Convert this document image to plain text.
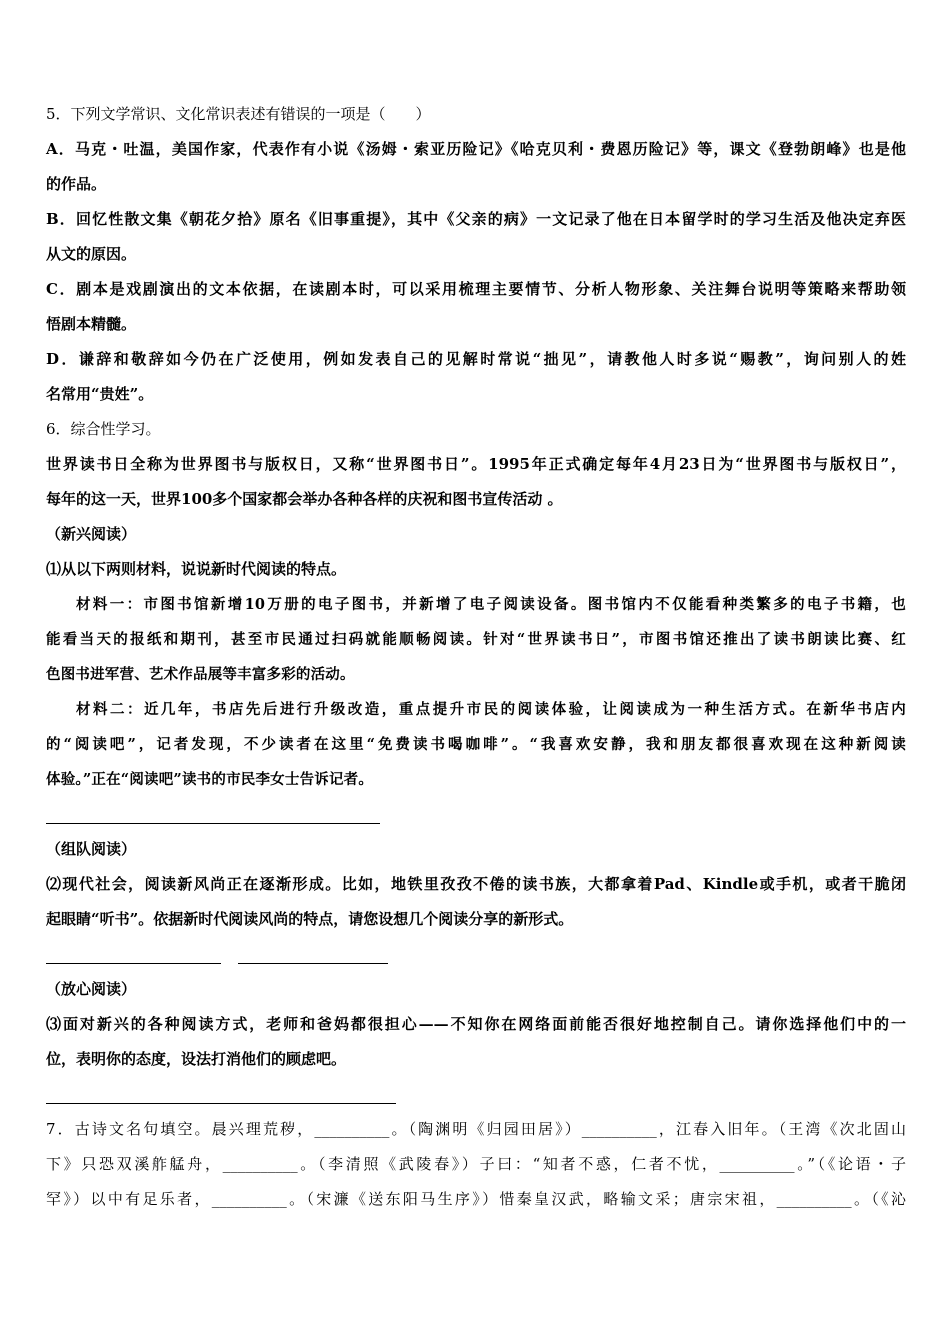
5．下列文学常识、文化常识表述有错误的一项是（　　）
A．马克・吐温，美国作家，代表作有小说《汤姆・索亚历险记》《哈克贝利・费恩历险记》等，课文《登勃朗峰》也是他
的作品。
B．回忆性散文集《朝花夕拾》原名《旧事重提》，其中《父亲的病》一文记录了他在日本留学时的学习生活及他决定弃医
从文的原因。
C．剧本是戏剧演出的文本依据，在读剧本时，可以采用梳理主要情节、分析人物形象、关注舞台说明等策略来帮助领
悟剧本精髓。
D．谦辞和敬辞如今仍在广泛使用，例如发表自己的见解时常说“拙见”，请教他人时多说“赐教”，询问别人的姓
名常用“贵姓”。
6．综合性学习。
世界读书日全称为世界图书与版权日，又称“世界图书日”。1995年正式确定每年4月23日为“世界图书与版权日”，
每年的这一天，世界100多个国家都会举办各种各样的庆祝和图书宣传活动 。
（新兴阅读）
⑴从以下两则材料，说说新时代阅读的特点。
材料一：市图书馆新增10万册的电子图书，并新增了电子阅读设备。图书馆内不仅能看种类繁多的电子书籍，也
能看当天的报纸和期刊，甚至市民通过扫码就能顺畅阅读。针对“世界读书日”，市图书馆还推出了读书朗读比赛、红
色图书进军营、艺术作品展等丰富多彩的活动。
材料二：近几年，书店先后进行升级改造，重点提升市民的阅读体验，让阅读成为一种生活方式。在新华书店内
的“阅读吧”，记者发现，不少读者在这里“免费读书喝咖啡”。“我喜欢安静，我和朋友都很喜欢现在这种新阅读
体验。”正在“阅读吧”读书的市民李女士告诉记者。
（组队阅读）
⑵现代社会，阅读新风尚正在逐渐形成。比如，地铁里孜孜不倦的读书族，大都拿着Pad、Kindle或手机，或者干脆闭
起眼睛“听书”。依据新时代阅读风尚的特点，请您设想几个阅读分享的新形式。
（放心阅读）
⑶面对新兴的各种阅读方式，老师和爸妈都很担心——不知你在网络面前能否很好地控制自己。请你选择他们中的一
位，表明你的态度，设法打消他们的顾虑吧。
7．古诗文名句填空。晨兴理荒秽，__________。（陶渊明《归园田居》）__________，江春入旧年。（王湾《次北固山
下》只恐双溪舴艋舟，__________。（李清照《武陵春》）子曰：“知者不惑，仁者不忧，__________。”（《论语・子
罕》）以中有足乐者，__________。（宋濂《送东阳马生序》）惜秦皇汉武，略输文采；唐宗宋祖，__________。（《沁
